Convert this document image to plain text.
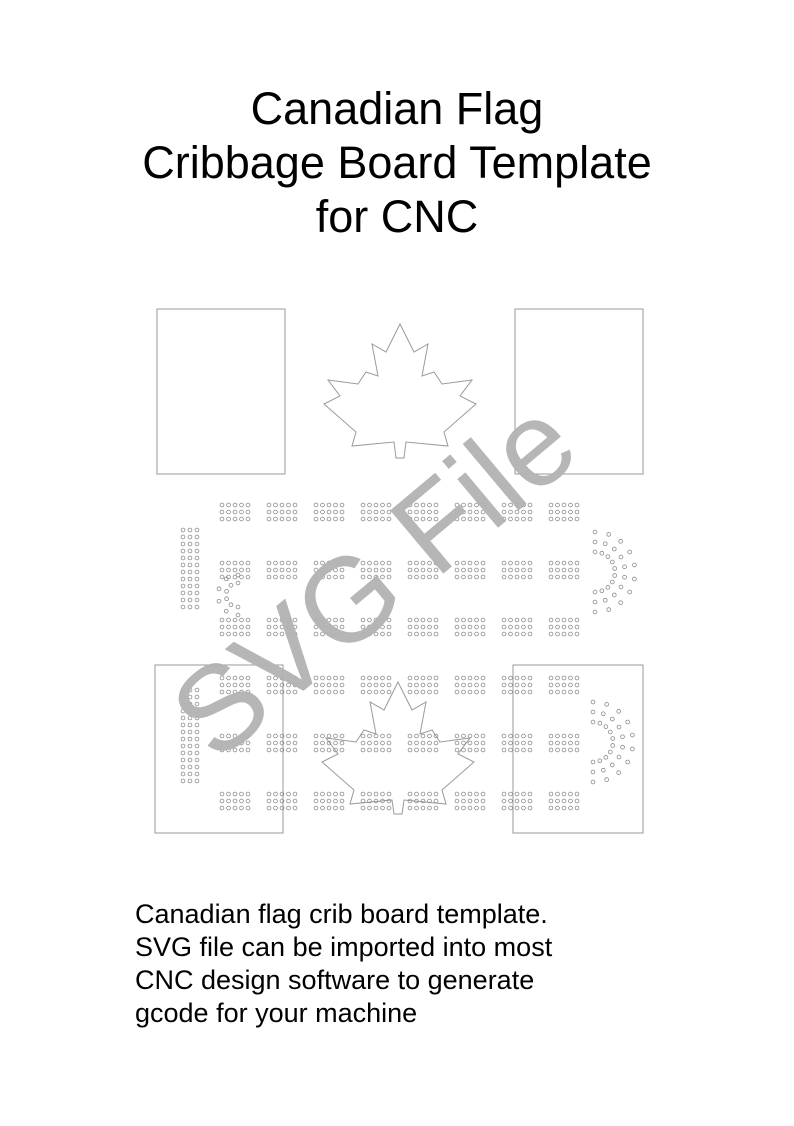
Canadian Flag
Cribbage Board Template
for CNC
SVG File
Canadian flag crib board template.
SVG file can be imported into most
CNC design software to generate
gcode for your machine
